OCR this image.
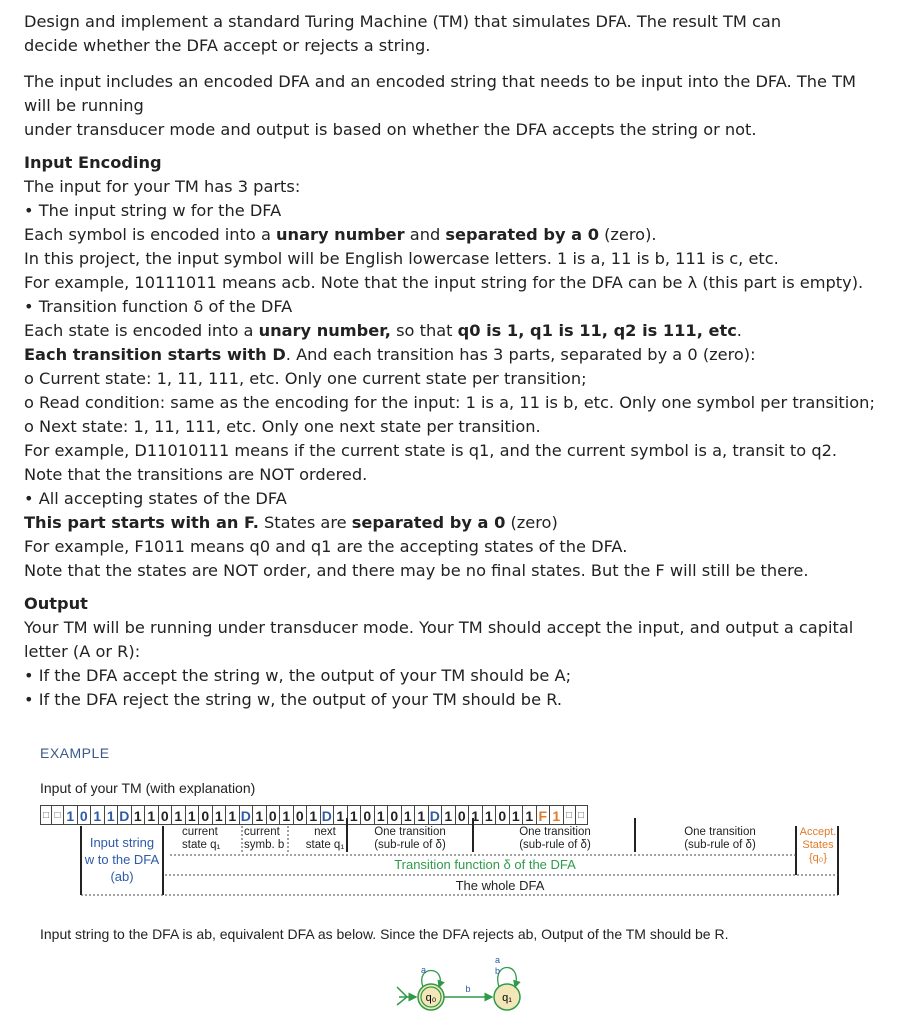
Design and implement a standard Turing Machine (TM) that simulates DFA. The result TM can
decide whether the DFA accept or rejects a string.
The input includes an encoded DFA and an encoded string that needs to be input into the DFA. The TM
will be running
under transducer mode and output is based on whether the DFA accepts the string or not.
Input Encoding
The input for your TM has 3 parts:
• The input string w for the DFA
Each symbol is encoded into a unary number and separated by a 0 (zero).
In this project, the input symbol will be English lowercase letters. 1 is a, 11 is b, 111 is c, etc.
For example, 10111011 means acb. Note that the input string for the DFA can be λ (this part is empty).
• Transition function δ of the DFA
Each state is encoded into a unary number, so that q0 is 1, q1 is 11, q2 is 111, etc.
Each transition starts with D. And each transition has 3 parts, separated by a 0 (zero):
o Current state: 1, 11, 111, etc. Only one current state per transition;
o Read condition: same as the encoding for the input: 1 is a, 11 is b, etc. Only one symbol per transition;
o Next state: 1, 11, 111, etc. Only one next state per transition.
For example, D11010111 means if the current state is q1, and the current symbol is a, transit to q2.
Note that the transitions are NOT ordered.
• All accepting states of the DFA
This part starts with an F. States are separated by a 0 (zero)
For example, F1011 means q0 and q1 are the accepting states of the DFA.
Note that the states are NOT order, and there may be no final states. But the F will still be there.
Output
Your TM will be running under transducer mode. Your TM should accept the input, and output a capital
letter (A or R):
• If the DFA accept the string w, the output of your TM should be A;
• If the DFA reject the string w, the output of your TM should be R.
EXAMPLE
Input of your TM (with explanation)
□ □ 1 0 1 1 D 1 1 0 1 1 0 1 1 D 1 0 1 0 1 D 1 1 0 1 0 1 1 D 1 0 1 1 0 1 1 F 1 □ □
Input string w to the DFA (ab)
current state q₁
current symb. b
next state q₁
One transition
(sub-rule of δ)
One transition
(sub-rule of δ)
One transition
(sub-rule of δ)
Transition function δ of the DFA
The whole DFA
Accept. States {q₀}
Input string to the DFA is ab, equivalent DFA as below. Since the DFA rejects ab, Output of the TM should be R.
q₀
a
b
q₁
a
b
